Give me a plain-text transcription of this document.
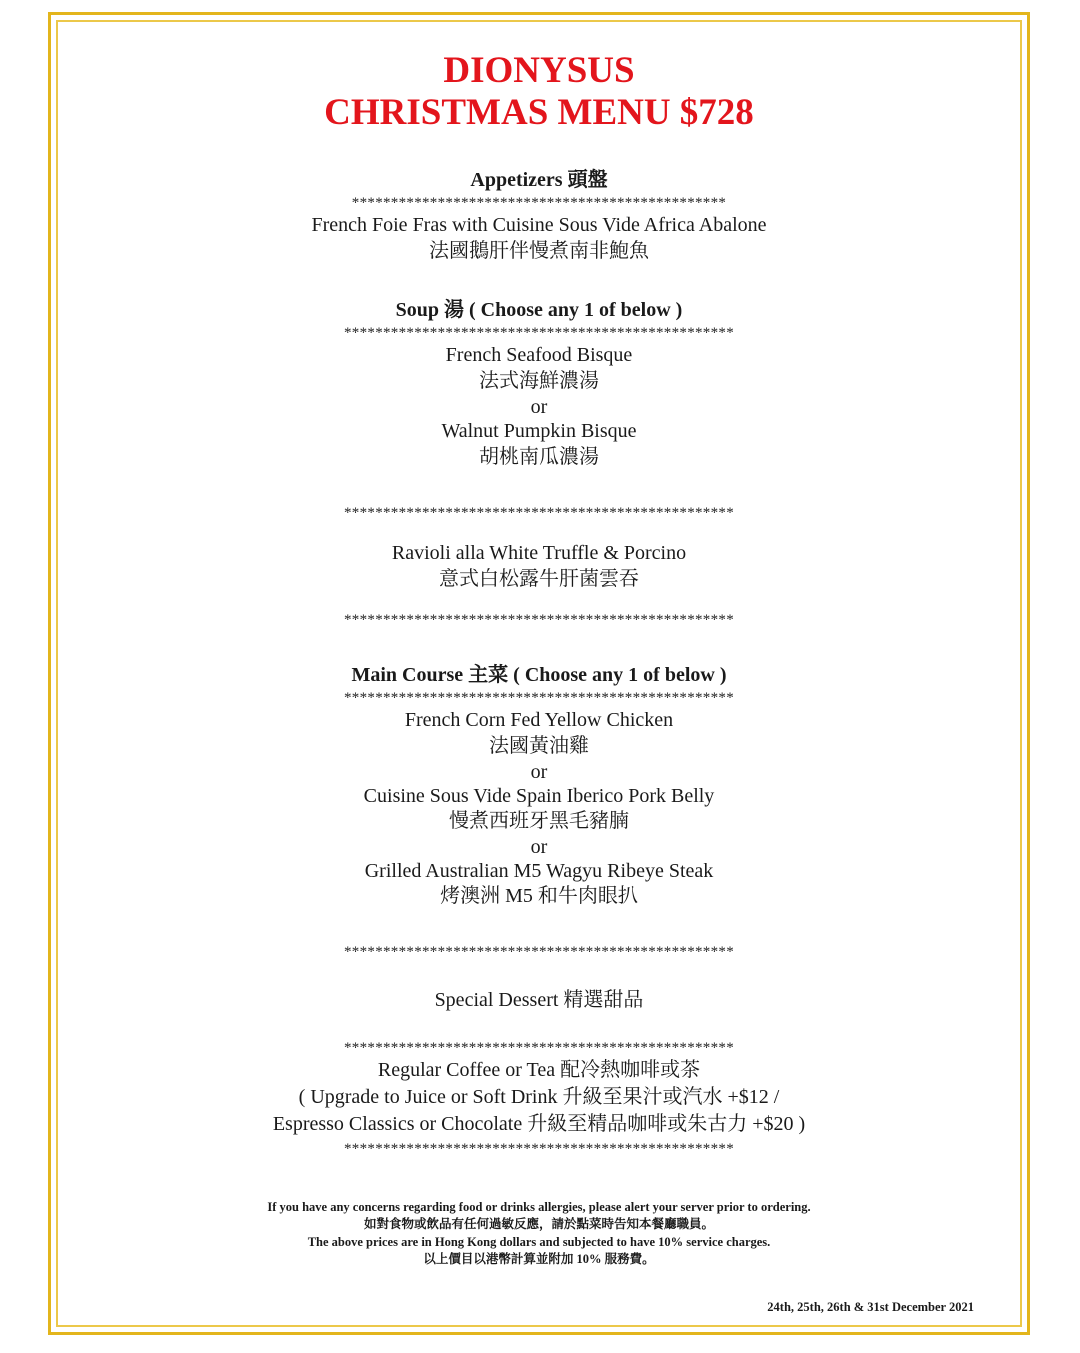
DIONYSUS
CHRISTMAS MENU $728
Appetizers 頭盤
************************************************
French Foie Fras with Cuisine Sous Vide Africa Abalone
法國鵝肝伴慢煮南非鮑魚
Soup 湯 ( Choose any 1 of below )
**************************************************
French Seafood Bisque
法式海鮮濃湯
or
Walnut Pumpkin Bisque
胡桃南瓜濃湯
**************************************************
Ravioli alla White Truffle & Porcino
意式白松露牛肝菌雲吞
**************************************************
Main Course 主菜 ( Choose any 1 of below )
**************************************************
French Corn Fed Yellow Chicken
法國黃油雞
or
Cuisine Sous Vide Spain Iberico Pork Belly
慢煮西班牙黑毛豬腩
or
Grilled Australian M5 Wagyu Ribeye Steak
烤澳洲 M5 和牛肉眼扒
**************************************************
Special Dessert 精選甜品
**************************************************
Regular Coffee or Tea 配冷熱咖啡或茶
( Upgrade to Juice or Soft Drink 升級至果汁或汽水 +$12 /
Espresso Classics or Chocolate 升級至精品咖啡或朱古力 +$20 )
**************************************************
If you have any concerns regarding food or drinks allergies, please alert your server prior to ordering.
如對食物或飲品有任何過敏反應，請於點菜時告知本餐廳職員。
The above prices are in Hong Kong dollars and subjected to have 10% service charges.
以上價目以港幣計算並附加 10% 服務費。
24th, 25th, 26th & 31st December 2021
